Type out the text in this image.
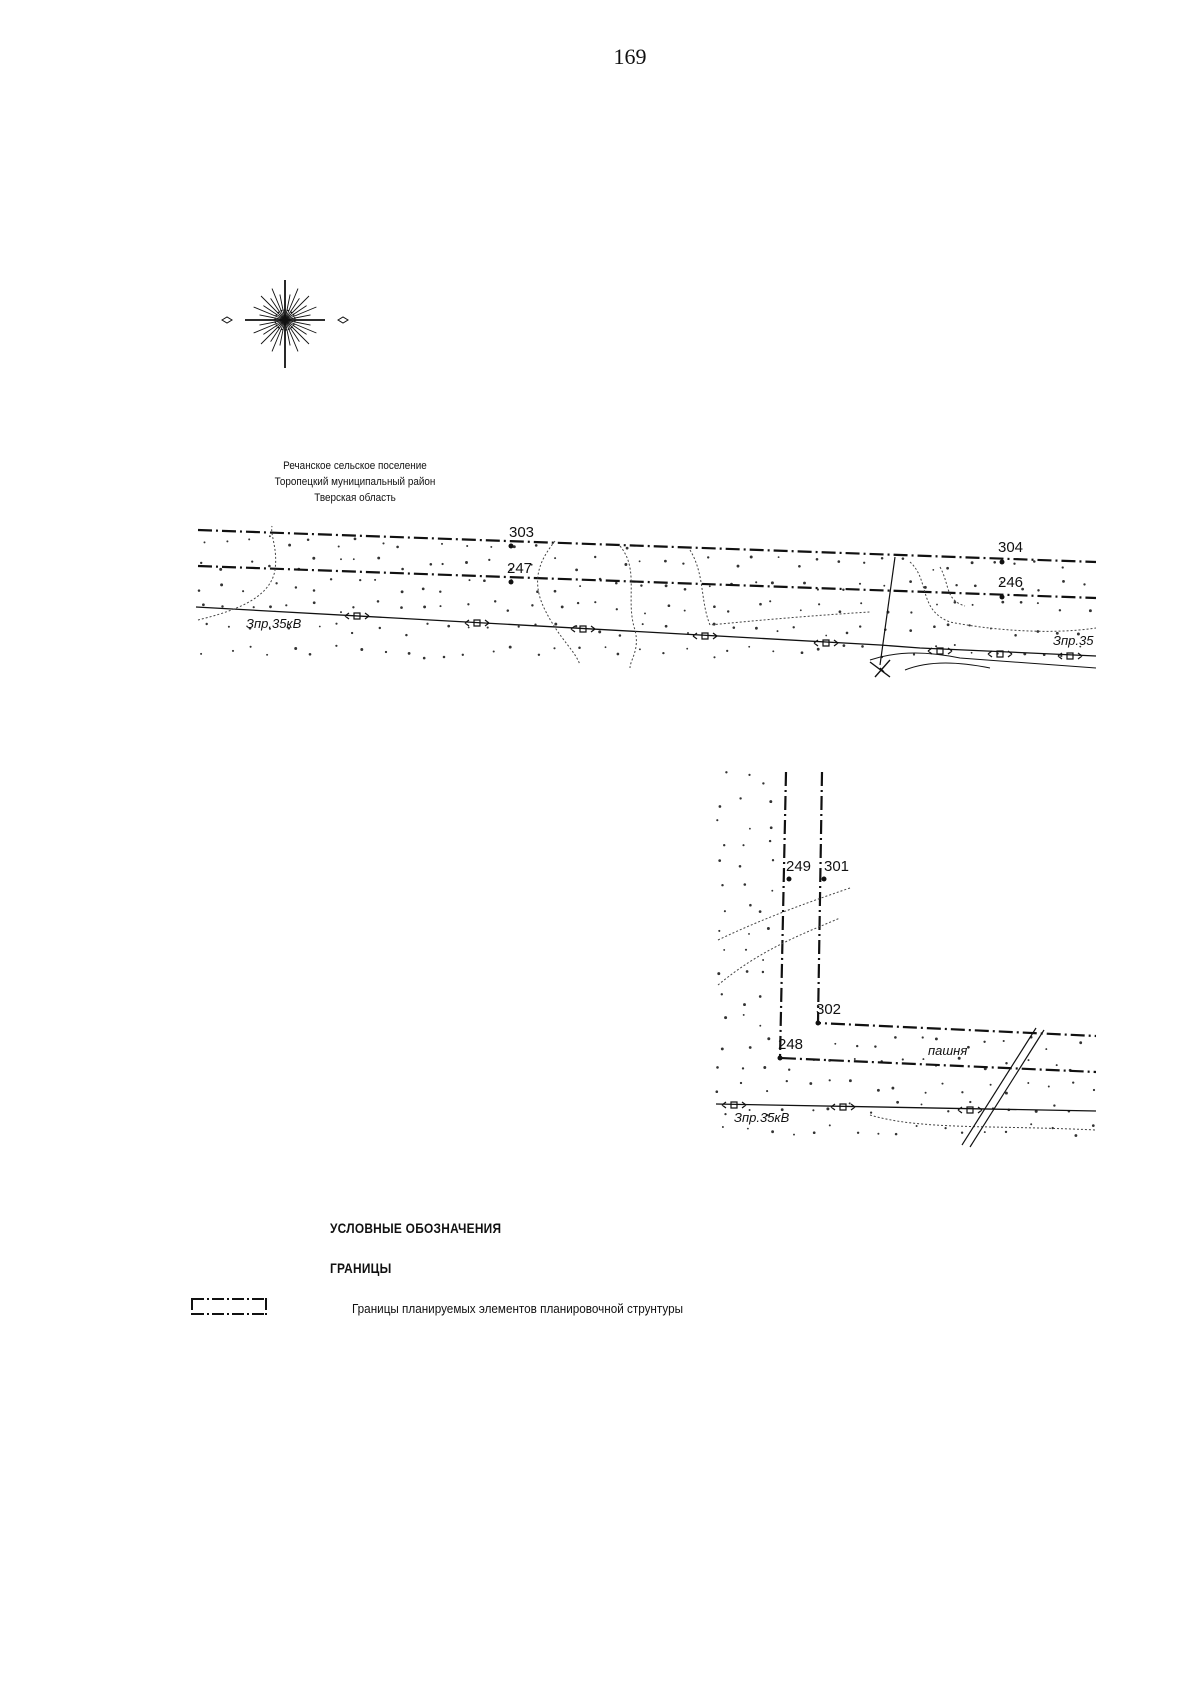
169
303
304
247
246
Зпр.35кВ
Зпр.35
249 301
302
248	пашня
Зпр.35кВ
Речанское сельское поселение
Торопецкий муниципальный район
Тверская область
УСЛОВНЫЕ ОБОЗНАЧЕНИЯ
ГРАНИЦЫ
Границы планируемых элементов планировочной струнтуры
